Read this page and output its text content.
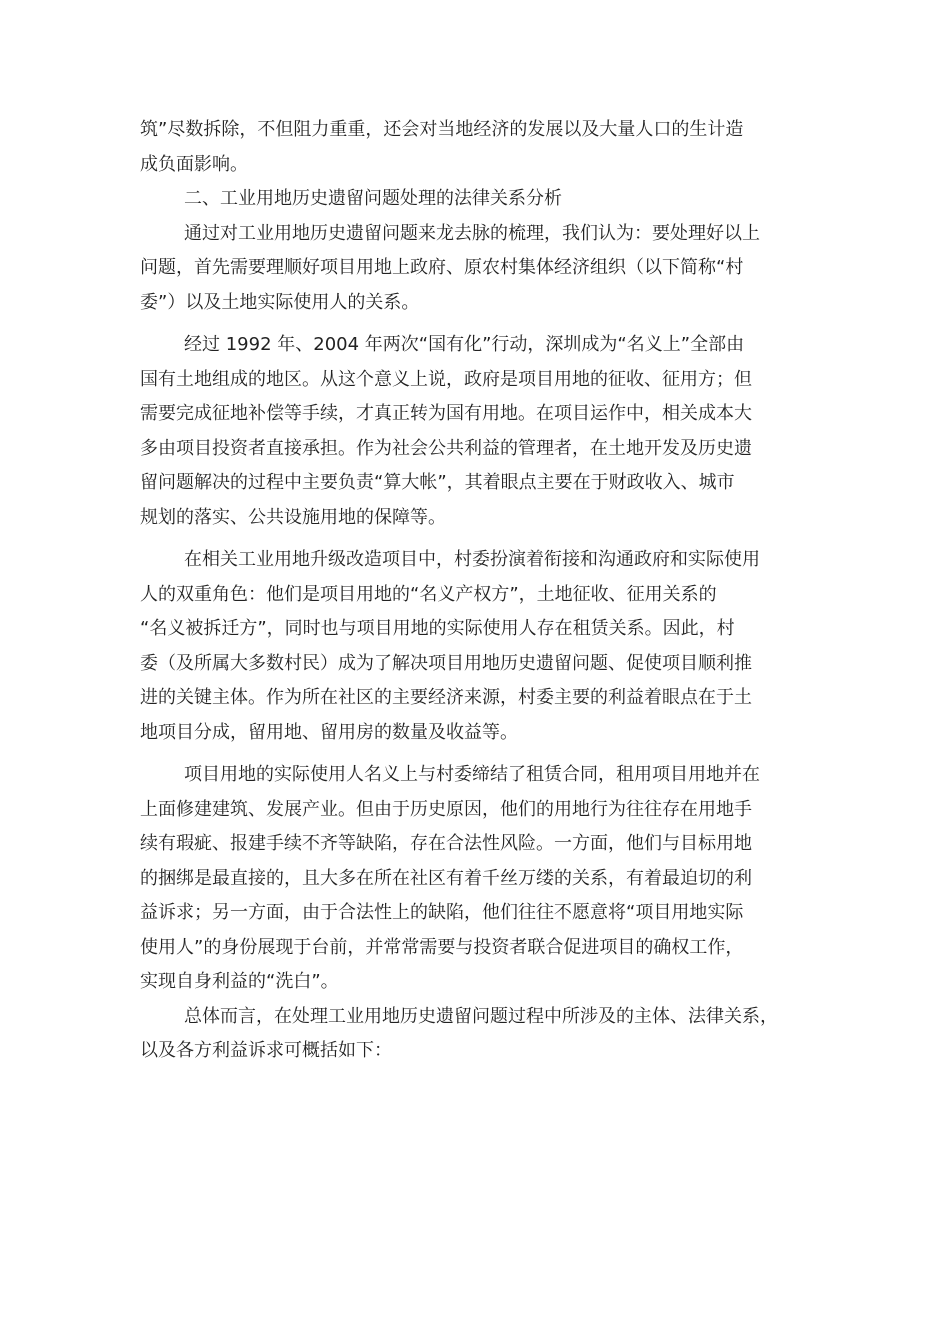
筑”尽数拆除，不但阻力重重，还会对当地经济的发展以及大量人口的生计造
成负面影响。
二、工业用地历史遗留问题处理的法律关系分析
通过对工业用地历史遗留问题来龙去脉的梳理，我们认为：要处理好以上
问题，首先需要理顺好项目用地上政府、原农村集体经济组织（以下简称“村
委”）以及土地实际使用人的关系。
经过 1992 年、2004 年两次“国有化”行动，深圳成为“名义上”全部由
国有土地组成的地区。从这个意义上说，政府是项目用地的征收、征用方；但
需要完成征地补偿等手续，才真正转为国有用地。在项目运作中，相关成本大
多由项目投资者直接承担。作为社会公共利益的管理者，在土地开发及历史遗
留问题解决的过程中主要负责“算大帐”，其着眼点主要在于财政收入、城市
规划的落实、公共设施用地的保障等。
在相关工业用地升级改造项目中，村委扮演着衔接和沟通政府和实际使用
人的双重角色：他们是项目用地的“名义产权方”，土地征收、征用关系的
“名义被拆迁方”，同时也与项目用地的实际使用人存在租赁关系。因此，村
委（及所属大多数村民）成为了解决项目用地历史遗留问题、促使项目顺利推
进的关键主体。作为所在社区的主要经济来源，村委主要的利益着眼点在于土
地项目分成，留用地、留用房的数量及收益等。
项目用地的实际使用人名义上与村委缔结了租赁合同，租用项目用地并在
上面修建建筑、发展产业。但由于历史原因，他们的用地行为往往存在用地手
续有瑕疵、报建手续不齐等缺陷，存在合法性风险。一方面，他们与目标用地
的捆绑是最直接的，且大多在所在社区有着千丝万缕的关系，有着最迫切的利
益诉求；另一方面，由于合法性上的缺陷，他们往往不愿意将“项目用地实际
使用人”的身份展现于台前，并常常需要与投资者联合促进项目的确权工作，
实现自身利益的“洗白”。
总体而言，在处理工业用地历史遗留问题过程中所涉及的主体、法律关系，
以及各方利益诉求可概括如下：
